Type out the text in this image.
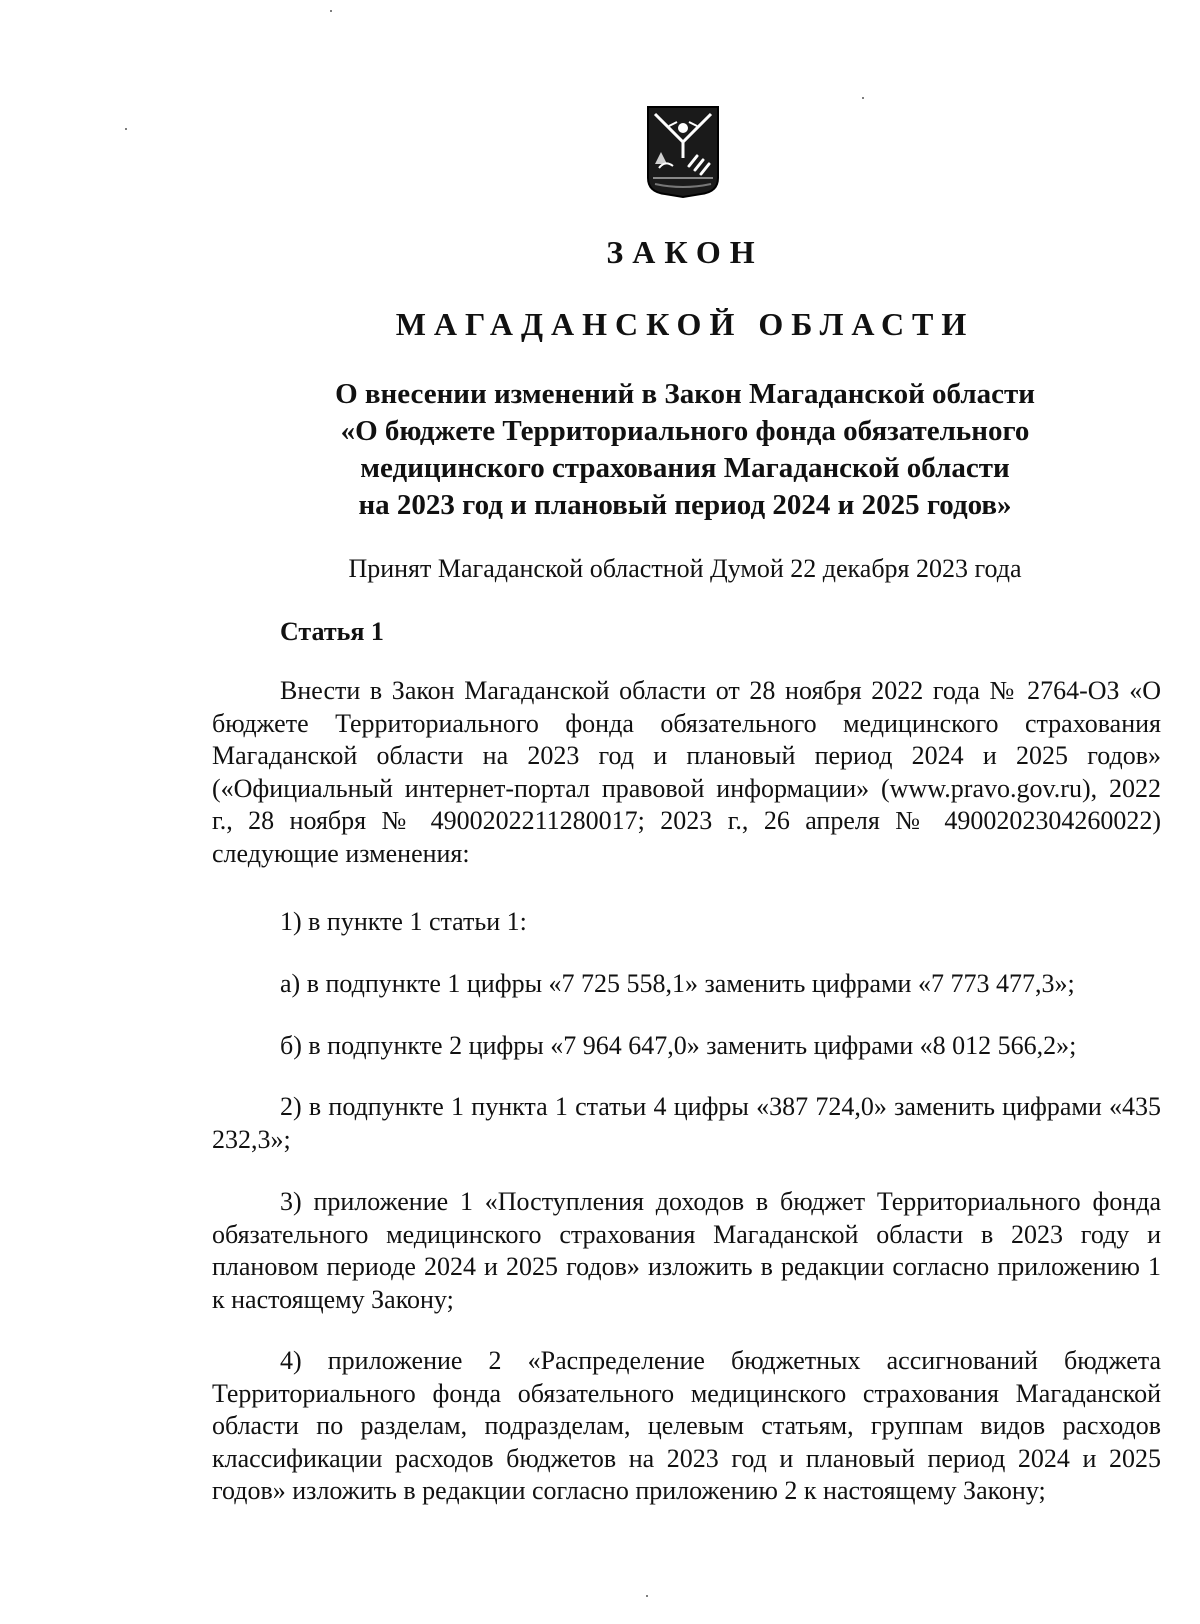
ЗАКОН
МАГАДАНСКОЙ ОБЛАСТИ
О внесении изменений в Закон Магаданской области
«О бюджете Территориального фонда обязательного
медицинского страхования Магаданской области
на 2023 год и плановый период 2024 и 2025 годов»
Принят Магаданской областной Думой 22 декабря 2023 года
Статья 1

Внести в Закон Магаданской области от 28 ноября 2022 года № 2764-ОЗ «О бюджете Территориального фонда обязательного медицинского страхования Магаданской области на 2023 год и плановый период 2024 и 2025 годов» («Официальный интернет-портал правовой информации» (www.pravo.gov.ru), 2022 г., 28 ноября № 4900202211280017; 2023 г., 26 апреля № 4900202304260022) следующие изменения:

1) в пункте 1 статьи 1:

а) в подпункте 1 цифры «7 725 558,1» заменить цифрами «7 773 477,3»;

б) в подпункте 2 цифры «7 964 647,0» заменить цифрами «8 012 566,2»;

2) в подпункте 1 пункта 1 статьи 4 цифры «387 724,0» заменить цифрами «435 232,3»;

3) приложение 1 «Поступления доходов в бюджет Территориального фонда обязательного медицинского страхования Магаданской области в 2023 году и плановом периоде 2024 и 2025 годов» изложить в редакции согласно приложению 1 к настоящему Закону;

4) приложение 2 «Распределение бюджетных ассигнований бюджета Территориального фонда обязательного медицинского страхования Магаданской области по разделам, подразделам, целевым статьям, группам видов расходов классификации расходов бюджетов на 2023 год и плановый период 2024 и 2025 годов» изложить в редакции согласно приложению 2 к настоящему Закону;
